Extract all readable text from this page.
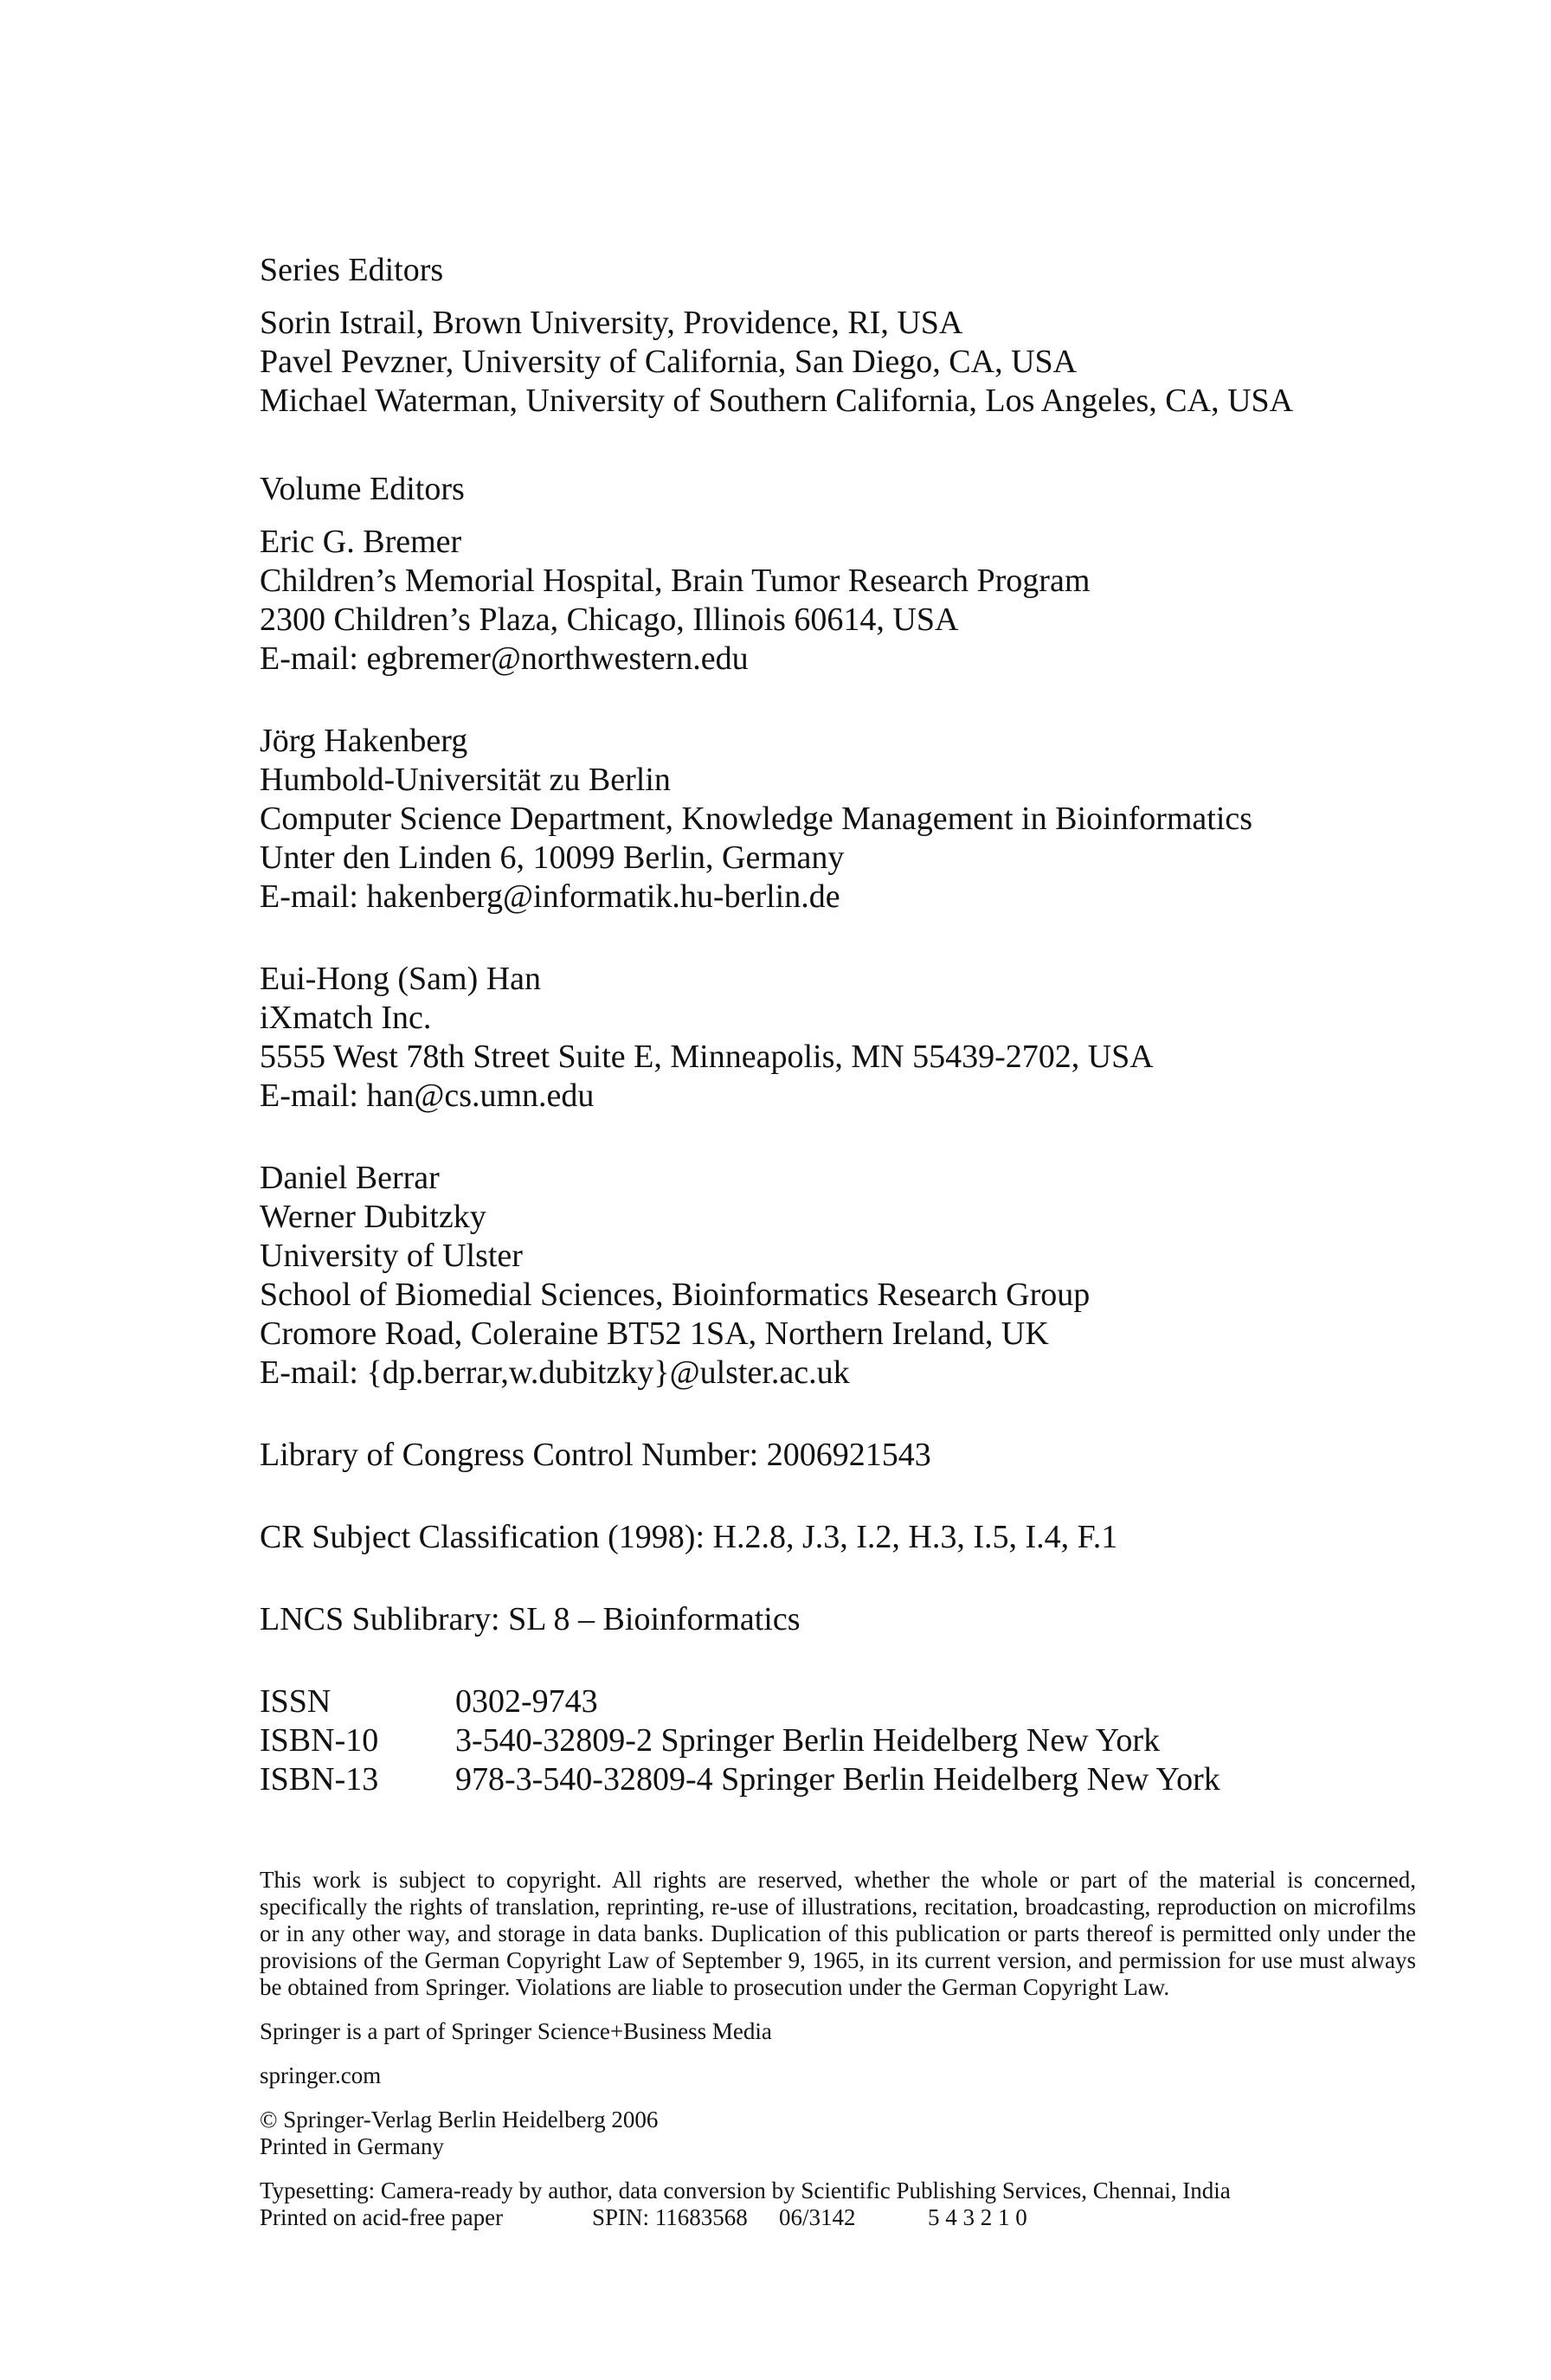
Series Editors
Sorin Istrail, Brown University, Providence, RI, USA
Pavel Pevzner, University of California, San Diego, CA, USA
Michael Waterman, University of Southern California, Los Angeles, CA, USA
Volume Editors
Eric G. Bremer
Children’s Memorial Hospital, Brain Tumor Research Program
2300 Children’s Plaza, Chicago, Illinois 60614, USA
E-mail: egbremer@northwestern.edu
Jörg Hakenberg
Humbold-Universität zu Berlin
Computer Science Department, Knowledge Management in Bioinformatics
Unter den Linden 6, 10099 Berlin, Germany
E-mail: hakenberg@informatik.hu-berlin.de
Eui-Hong (Sam) Han
iXmatch Inc.
5555 West 78th Street Suite E, Minneapolis, MN 55439-2702, USA
E-mail: han@cs.umn.edu
Daniel Berrar
Werner Dubitzky
University of Ulster
School of Biomedial Sciences, Bioinformatics Research Group
Cromore Road, Coleraine BT52 1SA, Northern Ireland, UK
E-mail: {dp.berrar,w.dubitzky}@ulster.ac.uk
Library of Congress Control Number: 2006921543
CR Subject Classification (1998): H.2.8, J.3, I.2, H.3, I.5, I.4, F.1
LNCS Sublibrary: SL 8 – Bioinformatics
ISSN	0302-9743
ISBN-10	3-540-32809-2 Springer Berlin Heidelberg New York
ISBN-13	978-3-540-32809-4 Springer Berlin Heidelberg New York
This work is subject to copyright. All rights are reserved, whether the whole or part of the material is concerned, specifically the rights of translation, reprinting, re-use of illustrations, recitation, broadcasting, reproduction on microfilms or in any other way, and storage in data banks. Duplication of this publication or parts thereof is permitted only under the provisions of the German Copyright Law of September 9, 1965, in its current version, and permission for use must always be obtained from Springer. Violations are liable to prosecution under the German Copyright Law.
Springer is a part of Springer Science+Business Media
springer.com
© Springer-Verlag Berlin Heidelberg 2006
Printed in Germany
Typesetting: Camera-ready by author, data conversion by Scientific Publishing Services, Chennai, India
Printed on acid-free paper	SPIN: 11683568	06/3142	5 4 3 2 1 0
